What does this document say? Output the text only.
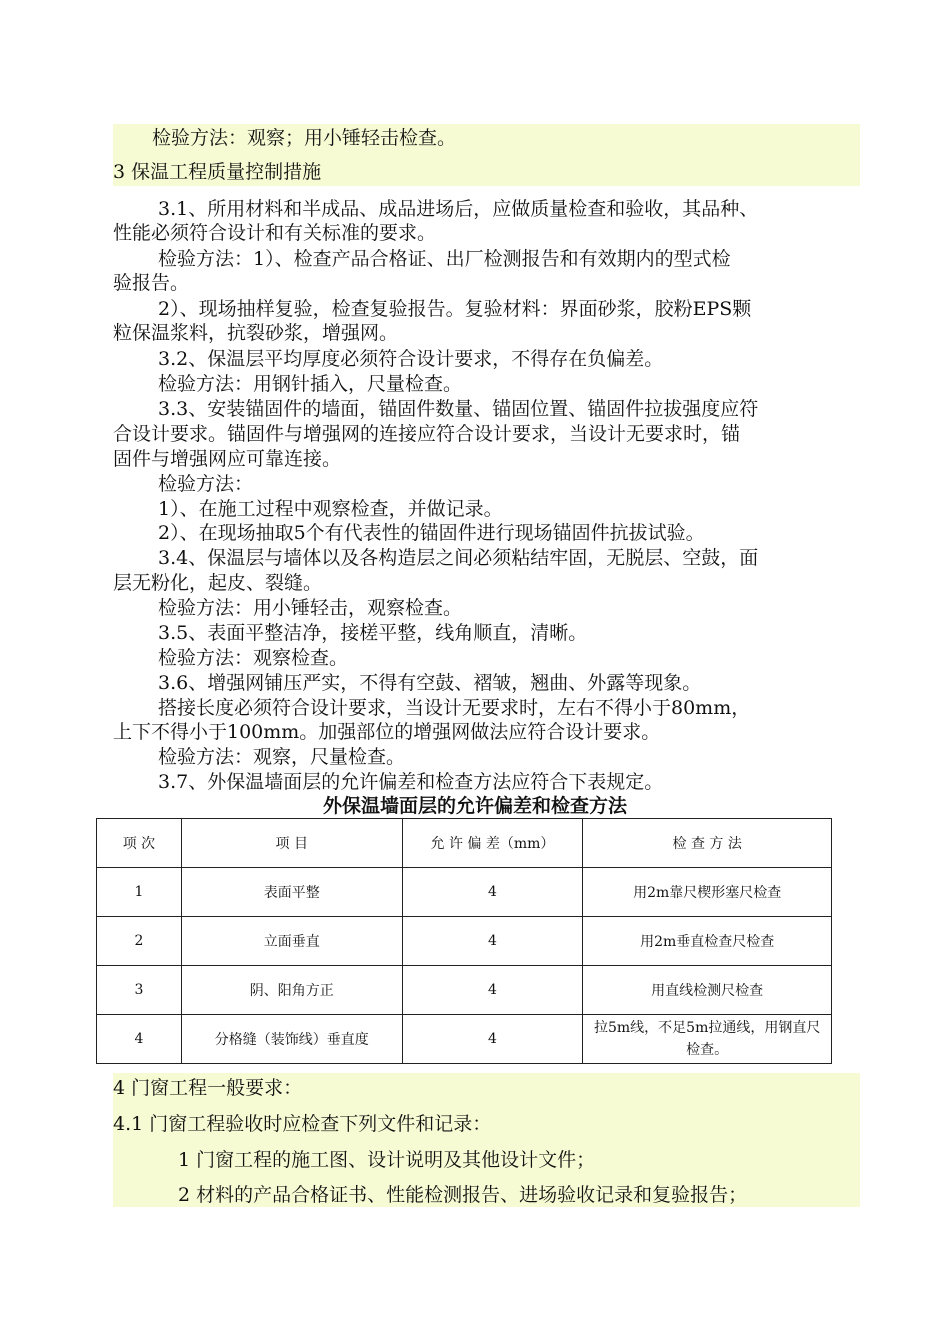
检验方法：观察；用小锤轻击检查。
3 保温工程质量控制措施
3.1、所用材料和半成品、成品进场后，应做质量检查和验收，其品种、
性能必须符合设计和有关标准的要求。
检验方法：1）、检查产品合格证、出厂检测报告和有效期内的型式检
验报告。
2）、现场抽样复验，检查复验报告。复验材料：界面砂浆，胶粉EPS颗
粒保温浆料，抗裂砂浆，增强网。
3.2、保温层平均厚度必须符合设计要求，不得存在负偏差。
检验方法：用钢针插入，尺量检查。
3.3、安装锚固件的墙面，锚固件数量、锚固位置、锚固件拉拔强度应符
合设计要求。锚固件与增强网的连接应符合设计要求，当设计无要求时，锚
固件与增强网应可靠连接。
检验方法：
1）、在施工过程中观察检查，并做记录。
2）、在现场抽取5个有代表性的锚固件进行现场锚固件抗拔试验。
3.4、保温层与墙体以及各构造层之间必须粘结牢固，无脱层、空鼓，面
层无粉化，起皮、裂缝。
检验方法：用小锤轻击，观察检查。
3.5、表面平整洁净，接槎平整，线角顺直，清晰。
检验方法：观察检查。
3.6、增强网铺压严实，不得有空鼓、褶皱，翘曲、外露等现象。
搭接长度必须符合设计要求，当设计无要求时，左右不得小于80mm，
上下不得小于100mm。加强部位的增强网做法应符合设计要求。
检验方法：观察，尺量检查。
3.7、外保温墙面层的允许偏差和检查方法应符合下表规定。
外保温墙面层的允许偏差和检查方法
项 次	项 目	允 许 偏 差（mm）	检 查 方 法
1	表面平整	4	用2m靠尺楔形塞尺检查
2	立面垂直	4	用2m垂直检查尺检查
3	阴、阳角方正	4	用直线检测尺检查
4	分格缝（装饰线）垂直度	4	拉5m线，不足5m拉通线，用钢直尺检查。
4 门窗工程一般要求：
4.1 门窗工程验收时应检查下列文件和记录：
1 门窗工程的施工图、设计说明及其他设计文件；
2 材料的产品合格证书、性能检测报告、进场验收记录和复验报告；
